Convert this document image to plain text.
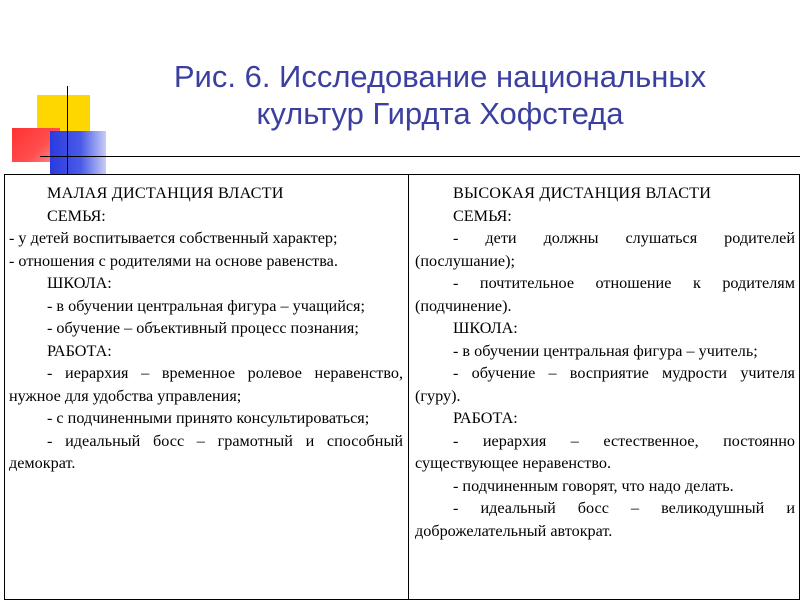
Рис. 6. Исследование национальных
культур Гирдта Хофстеда

МАЛАЯ ДИСТАНЦИЯ ВЛАСТИ

СЕМЬЯ:

- у детей воспитывается собственный характер;

- отношения с родителями на основе равенства.

ШКОЛА:

- в обучении центральная фигура – учащийся;

- обучение – объективный процесс познания;

РАБОТА:

- иерархия – временное ролевое неравенство, нужное для удобства управления;

- с подчиненными принято консультироваться;

- идеальный босс – грамотный и способный демократ.

ВЫСОКАЯ ДИСТАНЦИЯ ВЛАСТИ

СЕМЬЯ:

- дети должны слушаться родителей (послушание);

- почтительное отношение к родителям (подчинение).

ШКОЛА:

- в обучении центральная фигура – учитель;

- обучение – восприятие мудрости учителя (гуру).

РАБОТА:

- иерархия – естественное, постоянно существующее неравенство.

- подчиненным говорят, что надо делать.

- идеальный босс – великодушный и доброжелательный автократ.
